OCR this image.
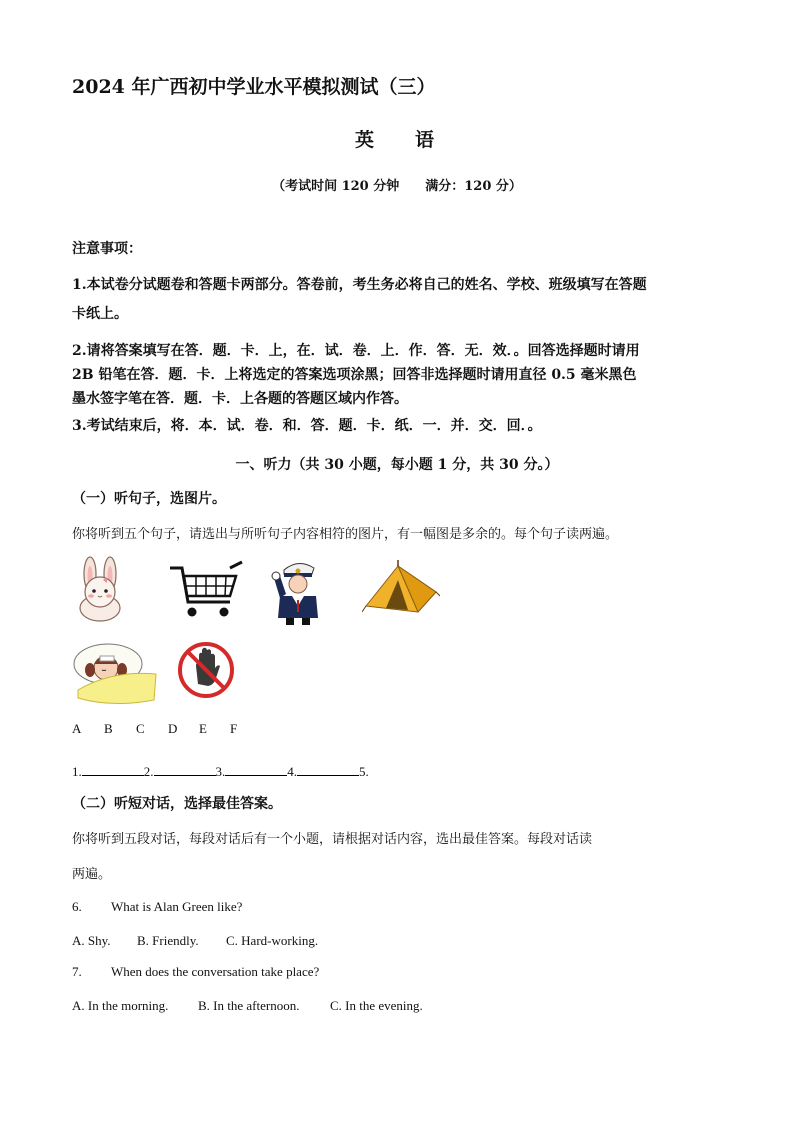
2024 年广西初中学业水平模拟测试（三）
英　　语
（考试时间 120 分钟　　满分：120 分）
注意事项：
1.本试卷分试题卷和答题卡两部分。答卷前，考生务必将自己的姓名、学校、班级填写在答题
卡纸上。
2.请将答案填写在答．题．卡．上，在．试．卷．上．作．答．无．效．。回答选择题时请用
2B 铅笔在答．题．卡．上将选定的答案选项涂黑；回答非选择题时请用直径 0.5 毫米黑色
墨水签字笔在答．题．卡．上各题的答题区域内作答。
3.考试结束后，将．本．试．卷．和．答．题．卡．纸．一．并．交．回．。
一、听力（共 30 小题，每小题 1 分，共 30 分。）
（一）听句子，选图片。
你将听到五个句子，请选出与所听句子内容相符的图片，有一幅图是多余的。每个句子读两遍。
A B C D E F
1.	2.	3.	4.	5.
（二）听短对话，选择最佳答案。
你将听到五段对话，每段对话后有一个小题，请根据对话内容，选出最佳答案。每段对话读
两遍。
6. What is Alan Green like?
A. Shy. B. Friendly. C. Hard-working.
7. When does the conversation take place?
A. In the morning. B. In the afternoon. C. In the evening.
